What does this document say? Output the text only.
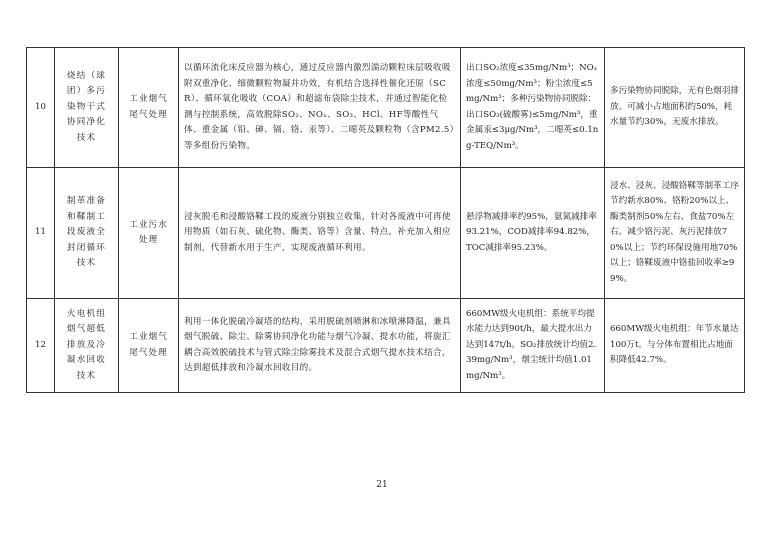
10	烧结（球团）多污染物干式协同净化技术	工业烟气尾气处理	以循环流化床反应器为核心，通过反应器内激烈湍动颗粒床层吸收吸附双重净化、细微颗粒物凝并功效，有机结合选择性催化还原（SCR）、循环氧化吸收（COA）和超滤布袋除尘技术，并通过智能化检测与控制系统，高效脱除SO₂、NOₓ、SO₃、HCl、HF等酸性气体、重金属（铅、砷、镉、铬、汞等）、二噁英及颗粒物（含PM2.5）等多组份污染物。	出口SO₂浓度≤35mg/Nm³；NOₓ浓度≤50mg/Nm³；粉尘浓度≤5mg/Nm³；多种污染物协同脱除：出口SO₃(硫酸雾)≤5mg/Nm³，重金属汞≤3μg/Nm³，二噁英≤0.1ng-TEQ/Nm³。	多污染物协同脱除，无有色烟羽排放。可减小占地面积约50%，耗水量节约30%，无废水排放。
11	制革准备和鞣制工段废液全封闭循环技术	工业污水处理	浸灰脱毛和浸酸铬鞣工段的废液分别独立收集，针对各废液中可再使用物质（如石灰、硫化物、酶类、铬等）含量、特点，补充加入相应制剂，代替新水用于生产，实现废液循环利用。	悬浮物减排率约95%，氨氮减排率93.21%，COD减排率94.82%，TOC减排率95.23%。	浸水、浸灰、浸酸铬鞣等制革工序节约新水80%、铬粉20%以上、酶类制剂50%左右、食盐70%左右。减少铬污泥、灰污泥排放70%以上；节约环保设施用地70%以上；铬鞣废液中铬盐回收率≥99%。
12	火电机组烟气超低排放及冷凝水回收技术	工业烟气尾气处理	利用一体化脱硫冷凝塔的结构，采用脱硫剂喷淋和冰喷淋降温，兼具烟气脱硫、除尘、除雾协同净化功能与烟气冷凝、提水功能，将旋汇耦合高效脱硫技术与管式除尘除雾技术及混合式烟气提水技术结合，达到超低排放和冷凝水回收目的。	660MW级火电机组：系统平均提水能力达到90t/h，最大提水出力达到147t/h。SO₂排放统计均值2.39mg/Nm³，烟尘统计均值1.01mg/Nm³。	660MW级火电机组：年节水量达100万t。与分体布置相比占地面积降低42.7%。
21
